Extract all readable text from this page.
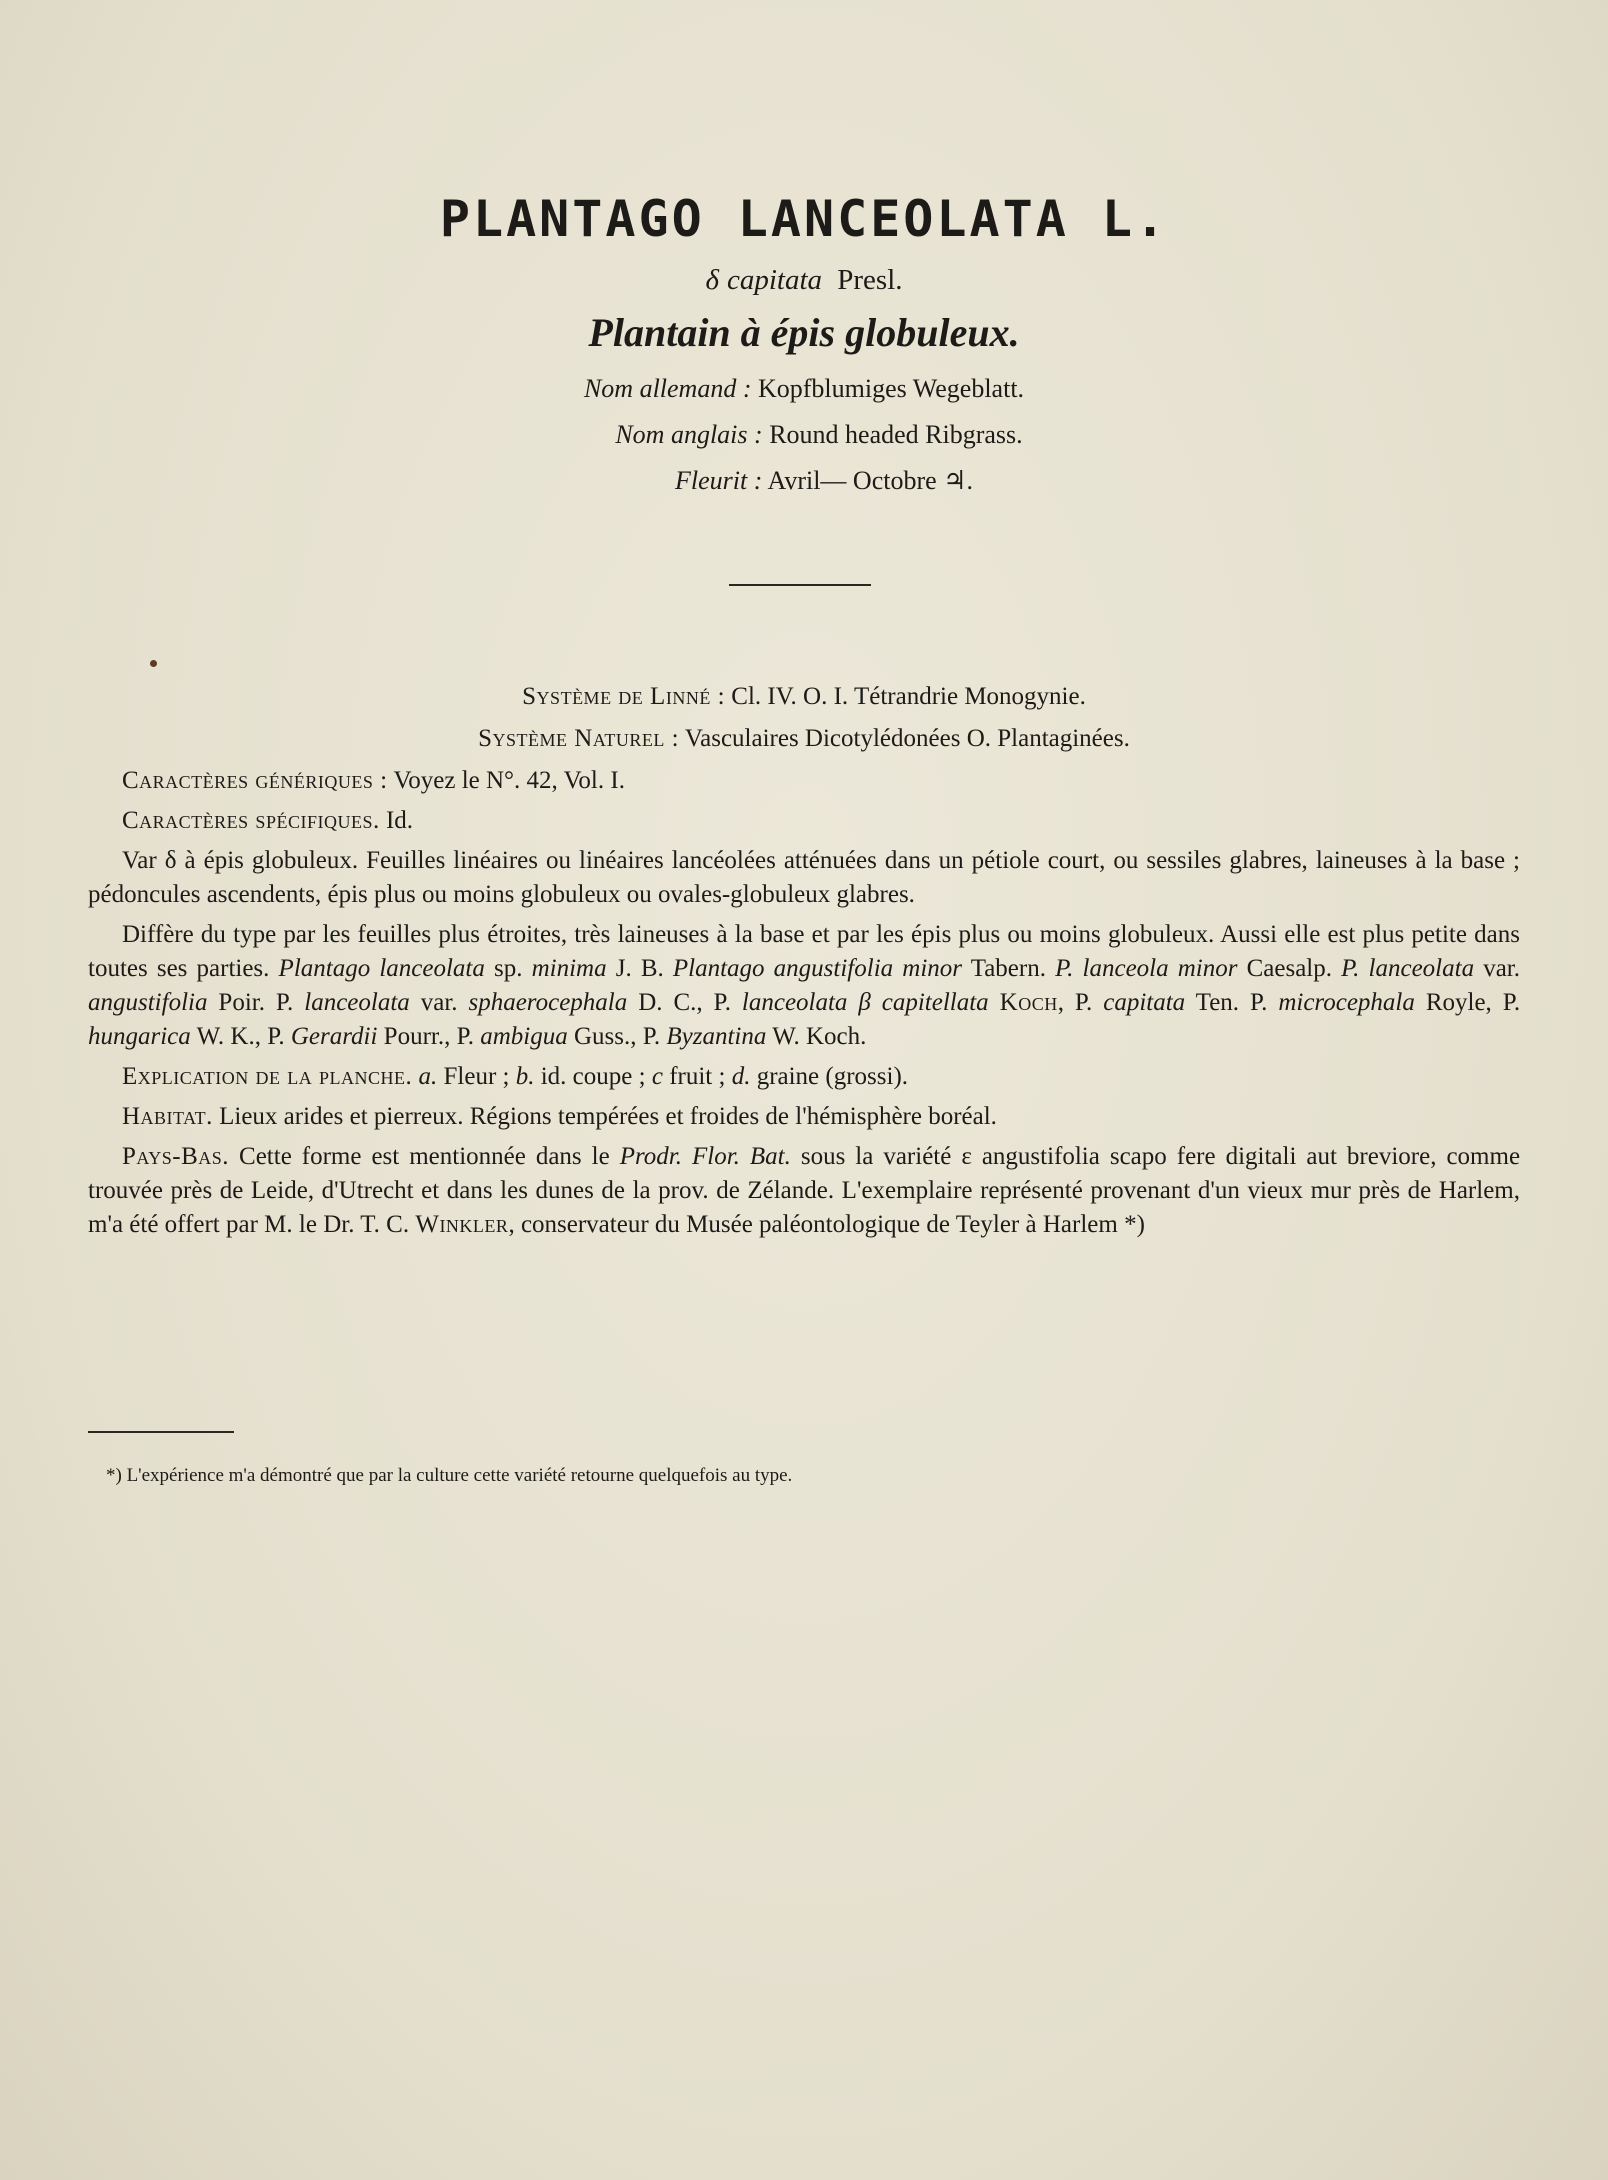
PLANTAGO LANCEOLATA L.
δ capitata Presl.
Plantain à épis globuleux.
Nom allemand : Kopfblumiges Wegeblatt.
Nom anglais : Round headed Ribgrass.
Fleurit : Avril— Octobre ♃.

Système de Linné : Cl. IV. O. I. Tétrandrie Monogynie.

Système Naturel : Vasculaires Dicotylédonées O. Plantaginées.

Caractères génériques : Voyez le N°. 42, Vol. I.

Caractères spécifiques. Id.

Var δ à épis globuleux. Feuilles linéaires ou linéaires lancéolées atténuées dans un pétiole court, ou sessiles glabres, laineuses à la base ; pédoncules ascendents, épis plus ou moins globuleux ou ovales-globuleux glabres.

Diffère du type par les feuilles plus étroites, très laineuses à la base et par les épis plus ou moins globuleux. Aussi elle est plus petite dans toutes ses parties. Plantago lanceolata sp. minima J. B. Plantago angustifolia minor Tabern. P. lanceola minor Caesalp. P. lanceolata var. angustifolia Poir. P. lanceolata var. sphaerocephala D. C., P. lanceolata β capitellata Koch, P. capitata Ten. P. microcephala Royle, P. hungarica W. K., P. Gerardii Pourr., P. ambigua Guss., P. Byzantina W. Koch.

Explication de la planche. a. Fleur ; b. id. coupe ; c fruit ; d. graine (grossi).

Habitat. Lieux arides et pierreux. Régions tempérées et froides de l'hémisphère boréal.

Pays-Bas. Cette forme est mentionnée dans le Prodr. Flor. Bat. sous la variété ε angustifolia scapo fere digitali aut breviore, comme trouvée près de Leide, d'Utrecht et dans les dunes de la prov. de Zélande. L'exemplaire représenté provenant d'un vieux mur près de Harlem, m'a été offert par M. le Dr. T. C. Winkler, conservateur du Musée paléontologique de Teyler à Harlem *)

*) L'expérience m'a démontré que par la culture cette variété retourne quelquefois au type.
